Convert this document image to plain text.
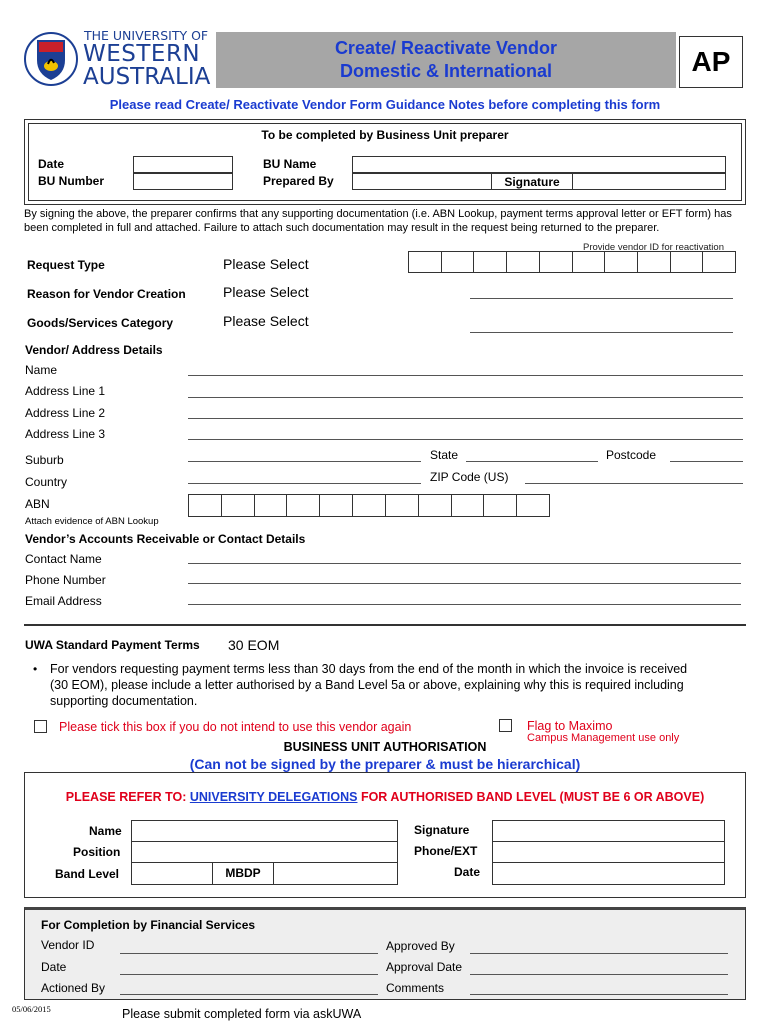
THE UNIVERSITY OF
WESTERN
AUSTRALIA
Create/ Reactivate Vendor
Domestic & International	AP
Please read Create/ Reactivate Vendor Form Guidance Notes before completing this form
To be completed by Business Unit preparer
Date
BU Number
BU Name
Prepared By	Signature
By signing the above, the preparer confirms that any supporting documentation (i.e. ABN Lookup, payment terms approval letter or EFT form) has been completed in full and attached. Failure to attach such documentation may result in the request being returned to the preparer.
Provide vendor ID for reactivation
Request Type	Please Select
Reason for Vendor Creation	Please Select
Goods/Services Category	Please Select
Vendor/ Address Details
Name
Address Line 1
Address Line 2
Address Line 3
Suburb	State	Postcode
Country	ZIP Code (US)
ABN
Attach evidence of ABN Lookup
Vendor’s Accounts Receivable or Contact Details
Contact Name
Phone Number
Email Address
UWA Standard Payment Terms 30 EOM
• For vendors requesting payment terms less than 30 days from the end of the month in which the invoice is received
(30 EOM), please include a letter authorised by a Band Level 5a or above, explaining why this is required including
supporting documentation.
Please tick this box if you do not intend to use this vendor again	Flag to Maximo
Campus Management use only
BUSINESS UNIT AUTHORISATION
(Can not be signed by the preparer & must be hierarchical)
PLEASE REFER TO: UNIVERSITY DELEGATIONS FOR AUTHORISED BAND LEVEL (MUST BE 6 OR ABOVE)
Name
Position
Band Level	MBDP
Signature
Phone/EXT
Date
For Completion by Financial Services
Vendor ID
Date
Actioned By
Approved By
Approval Date
Comments
05/06/2015	Please submit completed form via askUWA
